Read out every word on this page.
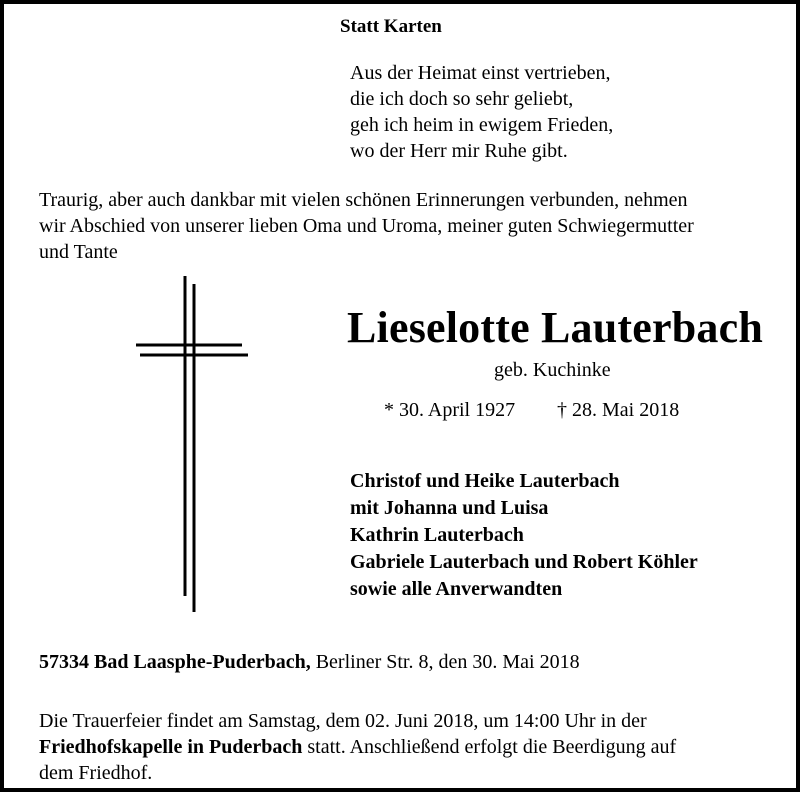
Statt Karten
Aus der Heimat einst vertrieben,
die ich doch so sehr geliebt,
geh ich heim in ewigem Frieden,
wo der Herr mir Ruhe gibt.
Traurig, aber auch dankbar mit vielen schönen Erinnerungen verbunden, nehmen
wir Abschied von unserer lieben Oma und Uroma, meiner guten Schwiegermutter
und Tante
Lieselotte Lauterbach
geb. Kuchinke
* 30. April 1927 † 28. Mai 2018
Christof und Heike Lauterbach
mit Johanna und Luisa
Kathrin Lauterbach
Gabriele Lauterbach und Robert Köhler
sowie alle Anverwandten
57334 Bad Laasphe-Puderbach, Berliner Str. 8, den 30. Mai 2018
Die Trauerfeier findet am Samstag, dem 02. Juni 2018, um 14:00 Uhr in der
Friedhofskapelle in Puderbach statt. Anschließend erfolgt die Beerdigung auf
dem Friedhof.
